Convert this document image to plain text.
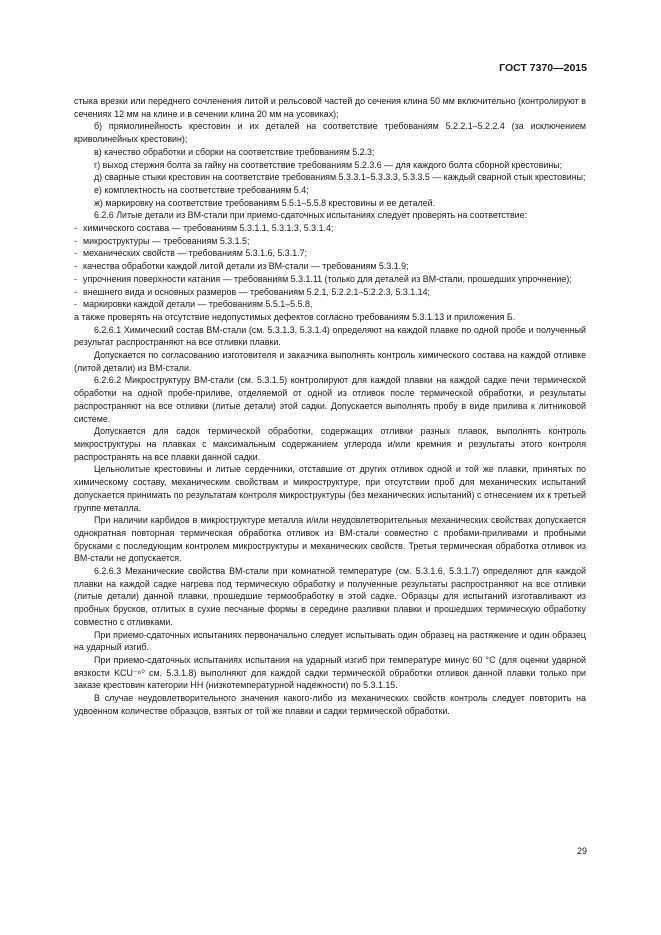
ГОСТ 7370—2015

стыка врезки или переднего сочленения литой и рельсовой частей до сечения клина 50 мм включительно (контролируют в сечениях 12 мм на клине и в сечении клина 20 мм на усовиках);

б) прямолинейность крестовин и их деталей на соответствие требованиям 5.2.2.1–5.2.2.4 (за исключением криволинейных крестовин);

в) качество обработки и сборки на соответствие требованиям 5.2.3;

г) выход стержня болта за гайку на соответствие требованиям 5.2.3.6 — для каждого болта сборной крестовины;

д) сварные стыки крестовин на соответствие требованиям 5.3.3.1–5.3.3.3, 5.3.3.5 — каждый сварной стык крестовины;

е) комплектность на соответствие требованиям 5.4;

ж) маркировку на соответствие требованиям 5.5.1–5.5.8 крестовины и ее деталей.

6.2.6 Литые детали из ВМ-стали при приемо-сдаточных испытаниях следует проверять на соответствие:

- химического состава — требованиям 5.3.1.1, 5.3.1.3, 5.3.1.4;

- микроструктуры — требованиям 5.3.1.5;

- механических свойств — требованиям 5.3.1.6, 5.3.1.7;

- качества обработки каждой литой детали из ВМ-стали — требованиям 5.3.1.9;

- упрочнения поверхности катания — требованиям 5.3.1.11 (только для деталей из ВМ-стали, прошедших упрочнение);

- внешнего вида и основных размеров — требованиям 5.2.1, 5.2.2.1–5.2.2.3, 5.3.1.14;

- маркировки каждой детали — требованиям 5.5.1–5.5.8,

а также проверять на отсутствие недопустимых дефектов согласно требованиям 5.3.1.13 и приложения Б.

6.2.6.1 Химический состав ВМ-стали (см. 5.3.1.3, 5.3.1.4) определяют на каждой плавке по одной пробе и полученный результат распространяют на все отливки плавки.

Допускается по согласованию изготовителя и заказчика выполнять контроль химического состава на каждой отливке (литой детали) из ВМ-стали.

6.2.6.2 Микроструктуру ВМ-стали (см. 5.3.1.5) контролируют для каждой плавки на каждой садке печи термической обработки на одной пробе-приливе, отделяемой от одной из отливок после термической обработки, и результаты распространяют на все отливки (литые детали) этой садки. Допускается выполнять пробу в виде прилива к литниковой системе.

Допускается для садок термической обработки, содержащих отливки разных плавок, выполнять контроль микроструктуры на плавках с максимальным содержанием углерода и/или кремния и результаты этого контроля распространять на все плавки данной садки.

Цельнолитые крестовины и литые сердечники, отставшие от других отливок одной и той же плавки, принятых по химическому составу, механическим свойствам и микроструктуре, при отсутствии проб для механических испытаний допускается принимать по результатам контроля микроструктуры (без механических испытаний) с отнесением их к третьей группе металла.

При наличии карбидов в микроструктуре металла и/или неудовлетворительных механических свойствах допускается однократная повторная термическая обработка отливок из ВМ-стали совместно с пробами-приливами и пробными брусками с последующим контролем микроструктуры и механических свойств. Третья термическая обработка отливок из ВМ-стали не допускается.

6.2.6.3 Механические свойства ВМ-стали при комнатной температуре (см. 5.3.1.6, 5.3.1.7) определяют для каждой плавки на каждой садке нагрева под термическую обработку и полученные результаты распространяют на все отливки (литые детали) данной плавки, прошедшие термообработку в этой садке. Образцы для испытаний изготавливают из пробных брусков, отлитых в сухие песчаные формы в середине разливки плавки и прошедших термическую обработку совместно с отливками.

При приемо-сдаточных испытаниях первоначально следует испытывать один образец на растяжение и один образец на ударный изгиб.

При приемо-сдаточных испытаниях испытания на ударный изгиб при температуре минус 60 °С (для оценки ударной вязкости KCU⁻⁶⁰ см. 5.3.1.8) выполняют для каждой садки термической обработки отливок данной плавки только при заказе крестовин категории НН (низкотемпературной надежности) по 5.3.1.15.

В случае неудовлетворительного значения какого-либо из механических свойств контроль следует повторить на удвоенном количестве образцов, взятых от той же плавки и садки термической обработки.

29
